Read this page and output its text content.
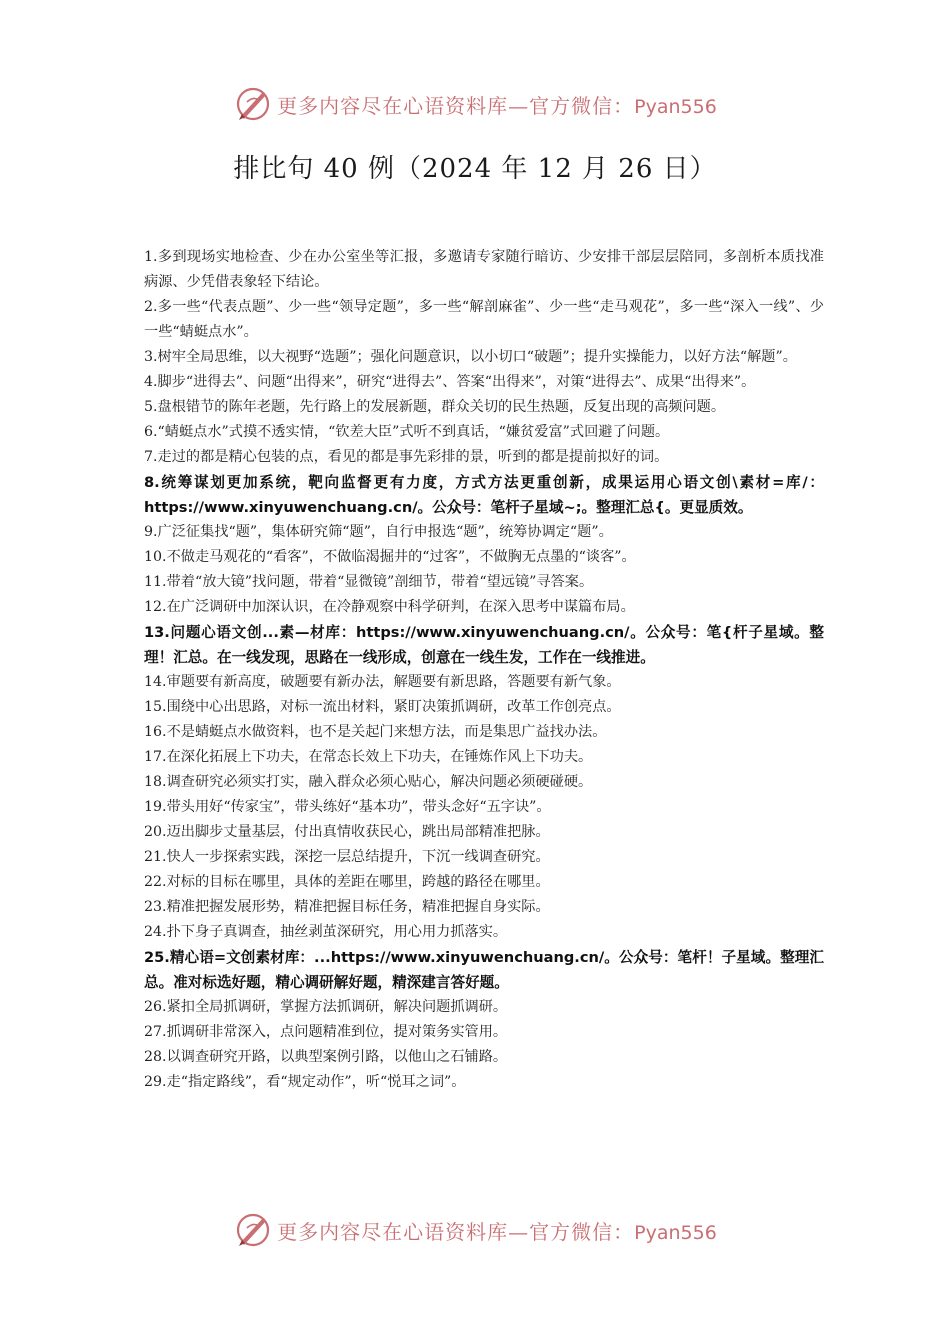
更多内容尽在心语资料库—官方微信：Pyan556
排比句 40 例（2024 年 12 月 26 日）

1.多到现场实地检查、少在办公室坐等汇报，多邀请专家随行暗访、少安排干部层层陪同，多剖析本质找准病源、少凭借表象轻下结论。

2.多一些“代表点题”、少一些“领导定题”，多一些“解剖麻雀”、少一些“走马观花”，多一些“深入一线”、少一些“蜻蜓点水”。

3.树牢全局思维，以大视野“选题”；强化问题意识，以小切口“破题”；提升实操能力，以好方法“解题”。

4.脚步“进得去”、问题“出得来”，研究“进得去”、答案“出得来”，对策“进得去”、成果“出得来”。

5.盘根错节的陈年老题，先行路上的发展新题，群众关切的民生热题，反复出现的高频问题。

6.“蜻蜓点水”式摸不透实情，“钦差大臣”式听不到真话，“嫌贫爱富”式回避了问题。

7.走过的都是精心包装的点，看见的都是事先彩排的景，听到的都是提前拟好的词。

8.统筹谋划更加系统，靶向监督更有力度，方式方法更重创新，成果运用心语文创\素材=库/：https://www.xinyuwenchuang.cn/。公众号：笔杆子星域~;。整理汇总{。更显质效。

9.广泛征集找“题”，集体研究筛“题”，自行申报选“题”，统筹协调定“题”。

10.不做走马观花的“看客”，不做临渴掘井的“过客”，不做胸无点墨的“谈客”。

11.带着“放大镜”找问题，带着“显微镜”剖细节，带着“望远镜”寻答案。

12.在广泛调研中加深认识，在冷静观察中科学研判，在深入思考中谋篇布局。

13.问题心语文创...素—材库：https://www.xinyuwenchuang.cn/。公众号：笔{杆子星域。整理！汇总。在一线发现，思路在一线形成，创意在一线生发，工作在一线推进。

14.审题要有新高度，破题要有新办法，解题要有新思路，答题要有新气象。

15.围绕中心出思路，对标一流出材料，紧盯决策抓调研，改革工作创亮点。

16.不是蜻蜓点水做资料，也不是关起门来想方法，而是集思广益找办法。

17.在深化拓展上下功夫，在常态长效上下功夫，在锤炼作风上下功夫。

18.调查研究必须实打实，融入群众必须心贴心，解决问题必须硬碰硬。

19.带头用好“传家宝”，带头练好“基本功”，带头念好“五字诀”。

20.迈出脚步丈量基层，付出真情收获民心，跳出局部精准把脉。

21.快人一步探索实践，深挖一层总结提升，下沉一线调查研究。

22.对标的目标在哪里，具体的差距在哪里，跨越的路径在哪里。

23.精准把握发展形势，精准把握目标任务，精准把握自身实际。

24.扑下身子真调查，抽丝剥茧深研究，用心用力抓落实。

25.精心语=文创素材库：...https://www.xinyuwenchuang.cn/。公众号：笔杆！子星域。整理汇总。准对标选好题，精心调研解好题，精深建言答好题。

26.紧扣全局抓调研，掌握方法抓调研，解决问题抓调研。

27.抓调研非常深入，点问题精准到位，提对策务实管用。

28.以调查研究开路，以典型案例引路，以他山之石铺路。

29.走“指定路线”，看“规定动作”，听“悦耳之词”。

更多内容尽在心语资料库—官方微信：Pyan556
